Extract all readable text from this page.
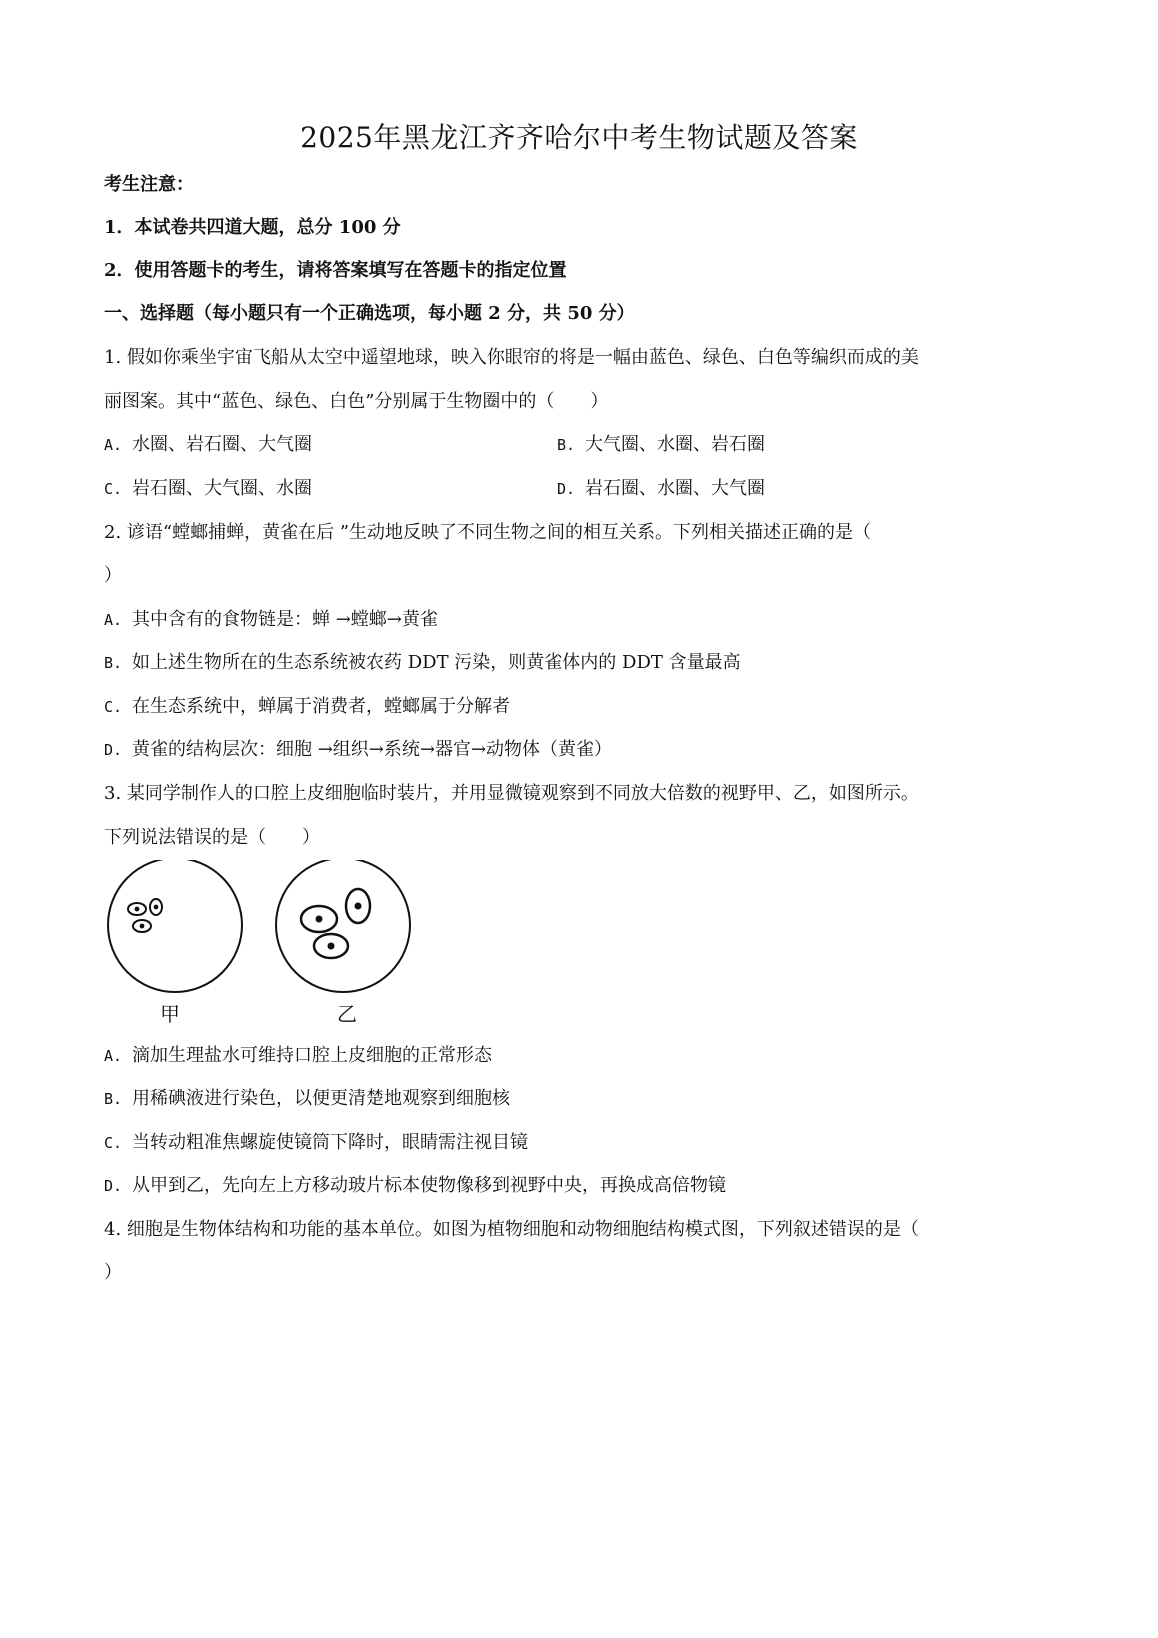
2025年黑龙江齐齐哈尔中考生物试题及答案
考生注意：
1．本试卷共四道大题，总分 100 分
2．使用答题卡的考生，请将答案填写在答题卡的指定位置
一、选择题（每小题只有一个正确选项，每小题 2 分，共 50 分）
1. 假如你乘坐宇宙飞船从太空中遥望地球，映入你眼帘的将是一幅由蓝色、绿色、白色等编织而成的美
丽图案。其中“蓝色、绿色、白色”分别属于生物圈中的（　　）
A. 水圈、岩石圈、大气圈	B. 大气圈、水圈、岩石圈
C. 岩石圈、大气圈、水圈	D. 岩石圈、水圈、大气圈
2. 谚语“螳螂捕蝉，黄雀在后 ”生动地反映了不同生物之间的相互关系。下列相关描述正确的是（
）
A. 其中含有的食物链是：蝉 →螳螂→黄雀
B. 如上述生物所在的生态系统被农药 DDT 污染，则黄雀体内的 DDT 含量最高
C. 在生态系统中，蝉属于消费者，螳螂属于分解者
D. 黄雀的结构层次：细胞 →组织→系统→器官→动物体（黄雀）
3. 某同学制作人的口腔上皮细胞临时装片，并用显微镜观察到不同放大倍数的视野甲、乙，如图所示。
下列说法错误的是（　　）
甲	乙
A. 滴加生理盐水可维持口腔上皮细胞的正常形态
B. 用稀碘液进行染色，以便更清楚地观察到细胞核
C. 当转动粗准焦螺旋使镜筒下降时，眼睛需注视目镜
D. 从甲到乙，先向左上方移动玻片标本使物像移到视野中央，再换成高倍物镜
4. 细胞是生物体结构和功能的基本单位。如图为植物细胞和动物细胞结构模式图，下列叙述错误的是（
）
